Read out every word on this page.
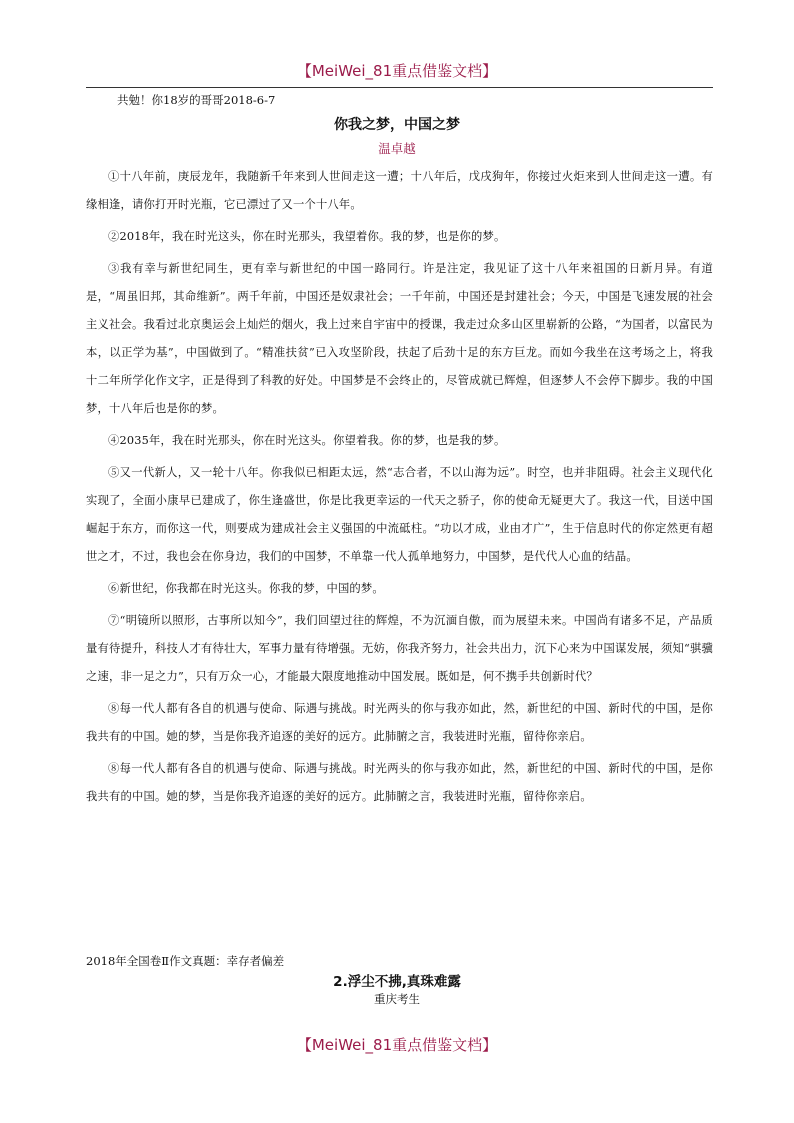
【MeiWei_81重点借鉴文档】
共勉！你18岁的哥哥2018-6-7
你我之梦，中国之梦
温卓越

①十八年前，庚辰龙年，我随新千年来到人世间走这一遭；十八年后，戊戌狗年，你接过火炬来到人世间走这一遭。有缘相逢，请你打开时光瓶，它已漂过了又一个十八年。

②2018年，我在时光这头，你在时光那头，我望着你。我的梦，也是你的梦。

③我有幸与新世纪同生，更有幸与新世纪的中国一路同行。许是注定，我见证了这十八年来祖国的日新月异。有道是，“周虽旧邦，其命维新”。两千年前，中国还是奴隶社会；一千年前，中国还是封建社会；今天，中国是飞速发展的社会主义社会。我看过北京奥运会上灿烂的烟火，我上过来自宇宙中的授课，我走过众多山区里崭新的公路，“为国者，以富民为本，以正学为基”，中国做到了。“精准扶贫”已入攻坚阶段，扶起了后劲十足的东方巨龙。而如今我坐在这考场之上，将我十二年所学化作文字，正是得到了科教的好处。中国梦是不会终止的，尽管成就已辉煌，但逐梦人不会停下脚步。我的中国梦，十八年后也是你的梦。

④2035年，我在时光那头，你在时光这头。你望着我。你的梦，也是我的梦。

⑤又一代新人，又一轮十八年。你我似已相距太远，然“志合者，不以山海为远”。时空，也并非阻碍。社会主义现代化实现了，全面小康早已建成了，你生逢盛世，你是比我更幸运的一代天之骄子，你的使命无疑更大了。我这一代，目送中国崛起于东方，而你这一代，则要成为建成社会主义强国的中流砥柱。“功以才成，业由才广”，生于信息时代的你定然更有超世之才，不过，我也会在你身边，我们的中国梦，不单靠一代人孤单地努力，中国梦，是代代人心血的结晶。

⑥新世纪，你我都在时光这头。你我的梦，中国的梦。

⑦“明镜所以照形，古事所以知今”，我们回望过往的辉煌，不为沉湎自傲，而为展望未来。中国尚有诸多不足，产品质量有待提升，科技人才有待壮大，军事力量有待增强。无妨，你我齐努力，社会共出力，沉下心来为中国谋发展，须知“骐骥之速，非一足之力”，只有万众一心，才能最大限度地推动中国发展。既如是，何不携手共创新时代？

⑧每一代人都有各自的机遇与使命、际遇与挑战。时光两头的你与我亦如此，然，新世纪的中国、新时代的中国，是你我共有的中国。她的梦，当是你我齐追逐的美好的远方。此肺腑之言，我装进时光瓶，留待你亲启。

⑧每一代人都有各自的机遇与使命、际遇与挑战。时光两头的你与我亦如此，然，新世纪的中国、新时代的中国，是你我共有的中国。她的梦，当是你我齐追逐的美好的远方。此肺腑之言，我装进时光瓶，留待你亲启。

2018年全国卷Ⅱ作文真题：幸存者偏差
2.浮尘不拂,真珠难露
重庆考生
【MeiWei_81重点借鉴文档】
